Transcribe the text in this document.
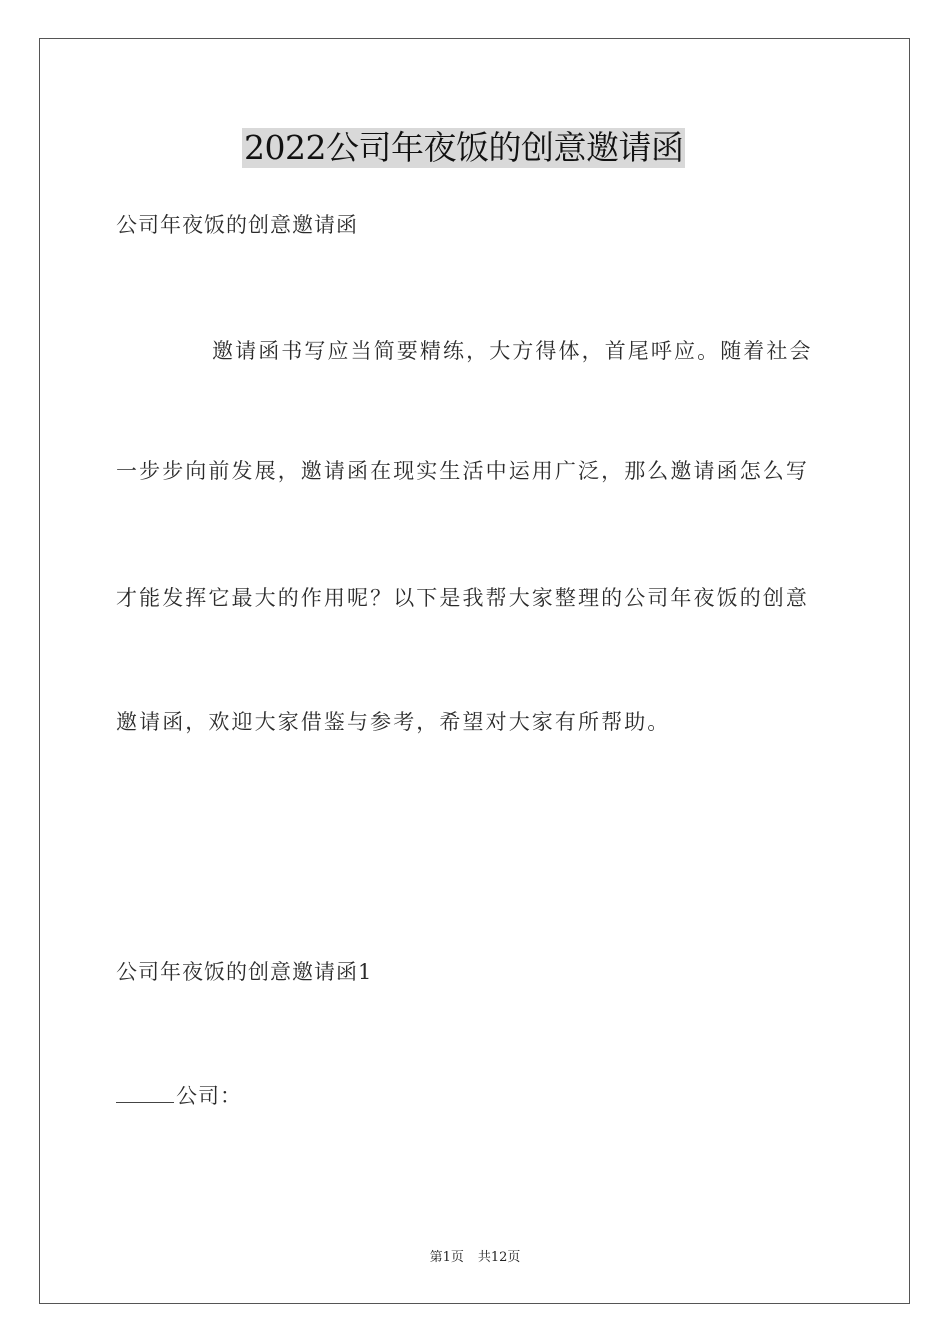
2022公司年夜饭的创意邀请函
公司年夜饭的创意邀请函
邀请函书写应当简要精练，大方得体，首尾呼应。随着社会
一步步向前发展，邀请函在现实生活中运用广泛，那么邀请函怎么写
才能发挥它最大的作用呢？以下是我帮大家整理的公司年夜饭的创意
邀请函，欢迎大家借鉴与参考，希望对大家有所帮助。
公司年夜饭的创意邀请函1
公司：
第1页 共12页
